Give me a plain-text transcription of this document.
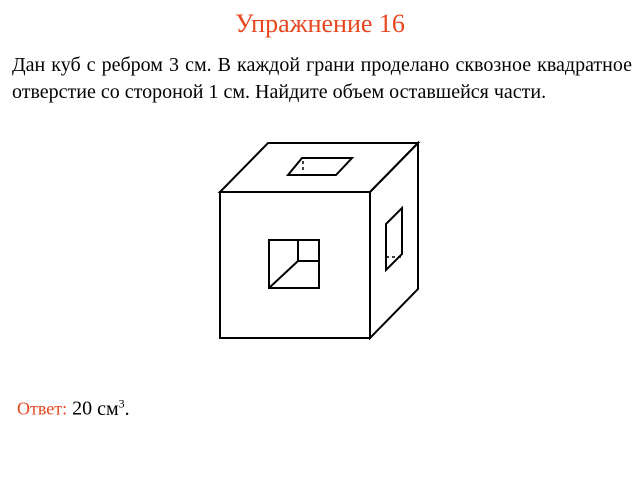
Упражнение 16
Дан куб с ребром 3 см. В каждой грани проделано сквозное квадратное отверстие со стороной 1 см. Найдите объем оставшейся части.
Ответ: 20 $см^3$.
